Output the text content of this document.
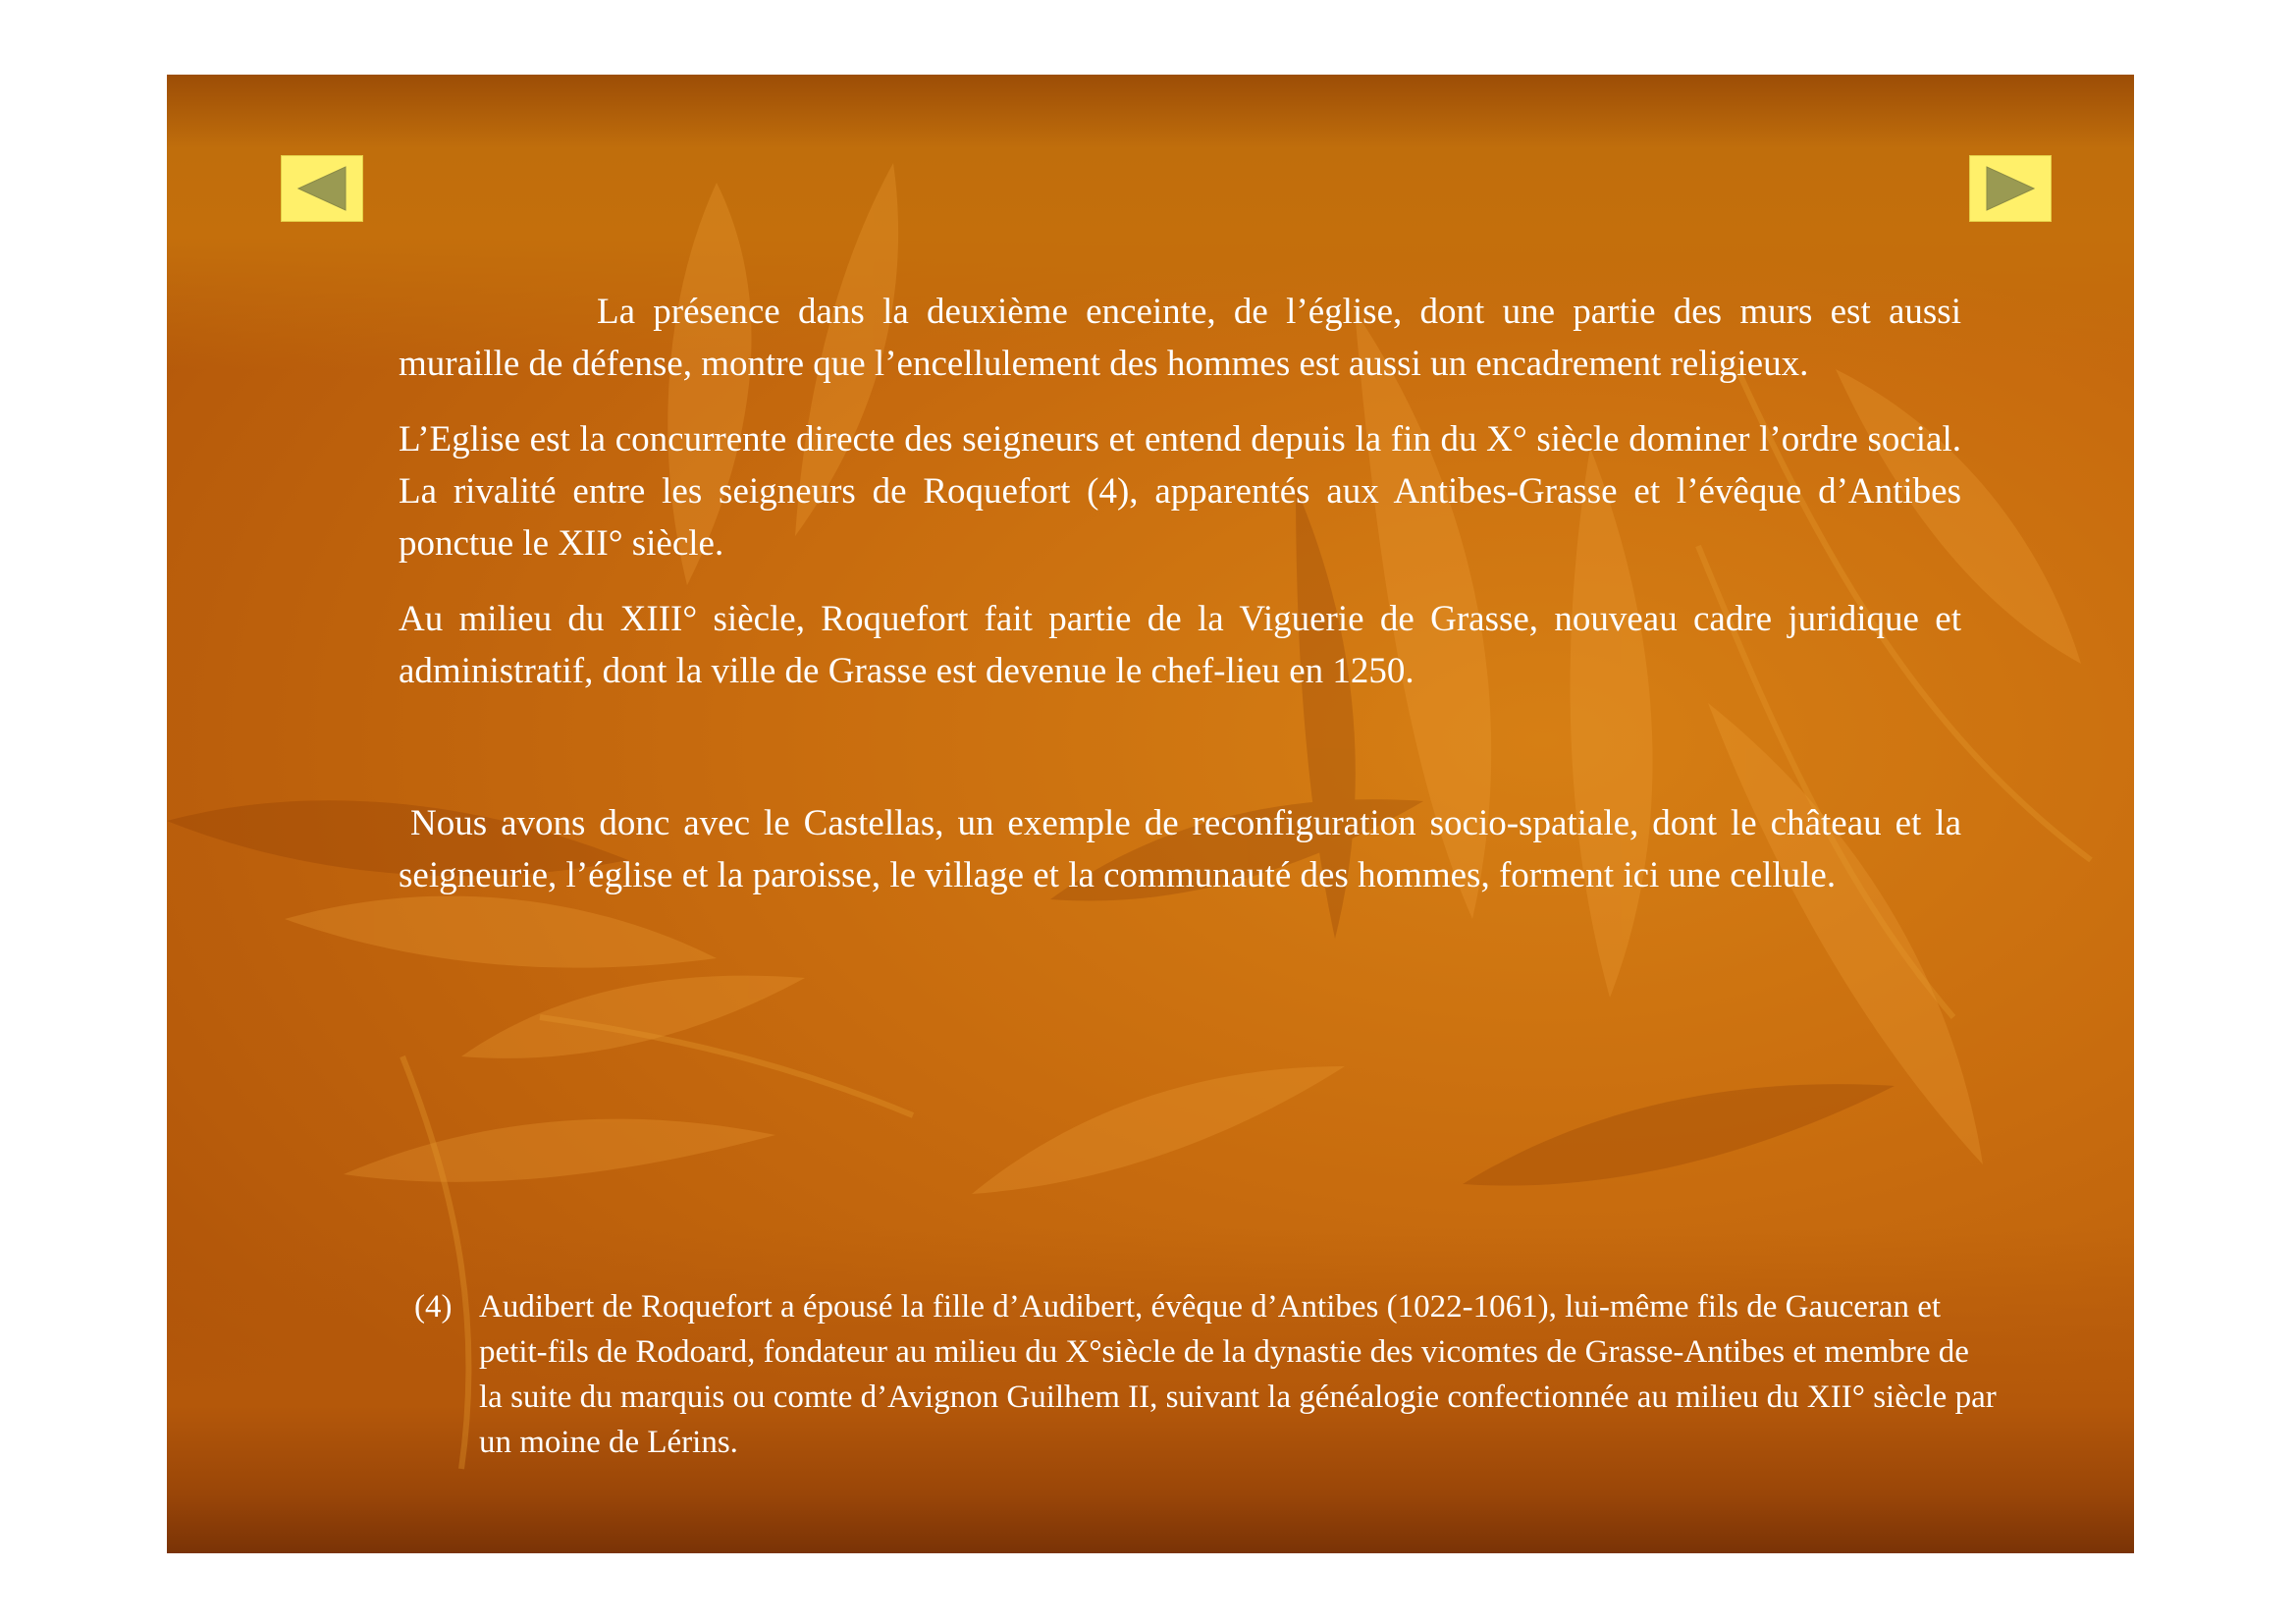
La présence dans la deuxième enceinte, de l’église, dont une partie des murs est aussi muraille de défense, montre que l’encellulement des hommes est aussi un encadrement religieux.

L’Eglise est la concurrente directe des seigneurs et entend depuis la fin du X° siècle dominer l’ordre social. La rivalité entre les seigneurs de Roquefort (4), apparentés aux Antibes-Grasse et l’évêque d’Antibes ponctue le XII° siècle.

Au milieu du XIII° siècle, Roquefort fait partie de la Viguerie de Grasse, nouveau cadre juridique et administratif, dont la ville de Grasse est devenue le chef-lieu en 1250.

Nous avons donc avec le Castellas, un exemple de reconfiguration socio-spatiale, dont le château et la seigneurie, l’église et la paroisse, le village et la communauté des hommes, forment ici une cellule.

(4) Audibert de Roquefort a épousé la fille d’Audibert, évêque d’Antibes (1022-1061), lui-même fils de Gauceran et petit-fils de Rodoard, fondateur au milieu du X°siècle de la dynastie des vicomtes de Grasse-Antibes et membre de la suite du marquis ou comte d’Avignon Guilhem II, suivant la généalogie confectionnée au milieu du XII° siècle par un moine de Lérins.
